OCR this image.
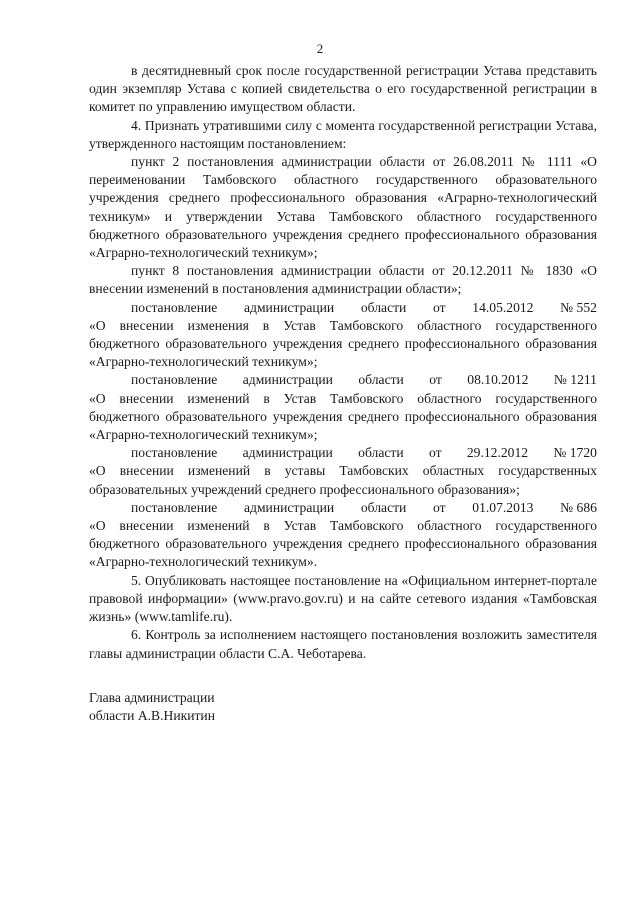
2

в десятидневный срок после государственной регистрации Устава представить один экземпляр Устава с копией свидетельства о его государственной регистрации в комитет по управлению имуществом области.

4. Признать утратившими силу с момента государственной регистрации Устава, утвержденного настоящим постановлением:

пункт 2 постановления администрации области от 26.08.2011 № 1111 «О переименовании Тамбовского областного государственного образовательного учреждения среднего профессионального образования «Аграрно-технологический техникум» и утверждении Устава Тамбовского областного государственного бюджетного образовательного учреждения среднего профессионального образования «Аграрно-технологический техникум»;

пункт 8 постановления администрации области от 20.12.2011 № 1830 «О внесении изменений в постановления администрации области»;

постановление администрации области от 14.05.2012 № 552

«О внесении изменения в Устав Тамбовского областного государственного бюджетного образовательного учреждения среднего профессионального образования «Аграрно-технологический техникум»;

постановление администрации области от 08.10.2012 № 1211

«О внесении изменений в Устав Тамбовского областного государственного бюджетного образовательного учреждения среднего профессионального образования «Аграрно-технологический техникум»;

постановление администрации области от 29.12.2012 № 1720

«О внесении изменений в уставы Тамбовских областных государственных образовательных учреждений среднего профессионального образования»;

постановление администрации области от 01.07.2013 № 686

«О внесении изменений в Устав Тамбовского областного государственного бюджетного образовательного учреждения среднего профессионального образования «Аграрно-технологический техникум».

5. Опубликовать настоящее постановление на «Официальном интернет-портале правовой информации» (www.pravo.gov.ru) и на сайте сетевого издания «Тамбовская жизнь» (www.tamlife.ru).

6. Контроль за исполнением настоящего постановления возложить заместителя главы администрации области С.А. Чеботарева.

Глава администрации

области А.В.Никитин
